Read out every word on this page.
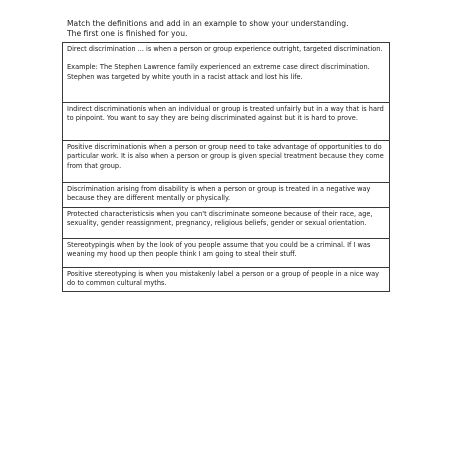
Match the definitions and add in an example to show your understanding.

The first one is finished for you.

Direct discrimination ... is when a person or group experience outright, targeted discrimination.

Example: The Stephen Lawrence family experienced an extreme case direct discrimination. Stephen was targeted by white youth in a racist attack and lost his life.

Indirect discriminationis when an individual or group is treated unfairly but in a way that is hard to pinpoint. You want to say they are being discriminated against but it is hard to prove.

Positive discriminationis when a person or group need to take advantage of opportunities to do particular work. It is also when a person or group is given special treatment because they come from that group.

Discrimination arising from disability is when a person or group is treated in a negative way because they are different mentally or physically.

Protected characteristicsis when you can't discriminate someone because of their race, age, sexuality, gender reassignment, pregnancy, religious beliefs, gender or sexual orientation.

Stereotypingis when by the look of you people assume that you could be a criminal. If I was weaning my hood up then people think I am going to steal their stuff.

Positive stereotyping is when you mistakenly label a person or a group of people in a nice way do to common cultural myths.
